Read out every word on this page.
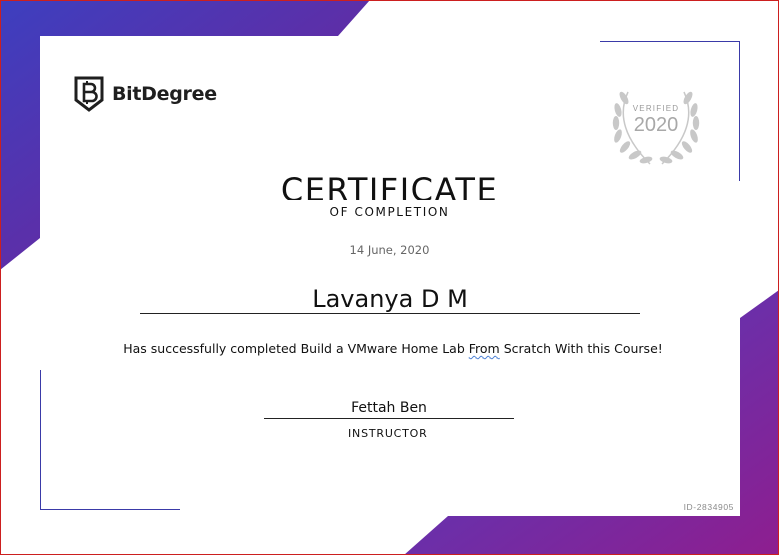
BitDegree
VERIFIED
2020
CERTIFICATE
OF COMPLETION
14 June, 2020
Lavanya D M
Has successfully completed Build a VMware Home Lab From Scratch With this Course!
Fettah Ben
INSTRUCTOR
ID-2834905
